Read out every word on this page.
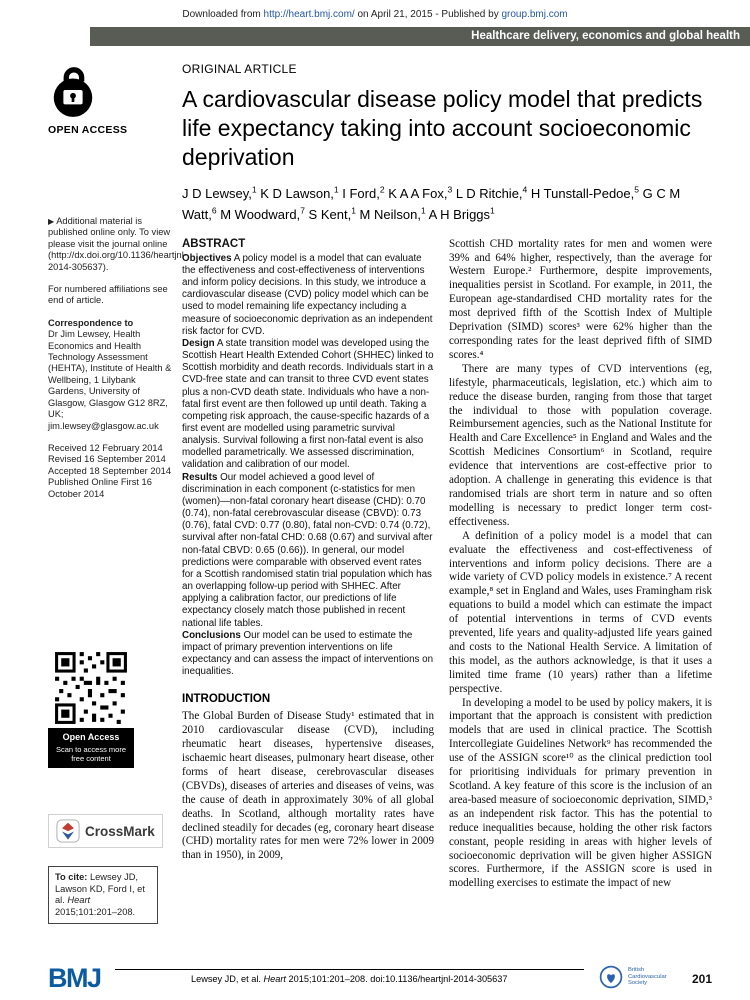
Downloaded from http://heart.bmj.com/ on April 21, 2015 - Published by group.bmj.com
Healthcare delivery, economics and global health
OPEN ACCESS
▶ Additional material is published online only. To view please visit the journal online (http://dx.doi.org/10.1136/heartjnl-2014-305637).
For numbered affiliations see end of article.
Correspondence to
Dr Jim Lewsey, Health Economics and Health Technology Assessment (HEHTA), Institute of Health & Wellbeing, 1 Lilybank Gardens, University of Glasgow, Glasgow G12 8RZ, UK; jim.lewsey@glasgow.ac.uk
Received 12 February 2014
Revised 16 September 2014
Accepted 18 September 2014
Published Online First 16 October 2014
Open Access
Scan to access more free content
CrossMark
To cite: Lewsey JD, Lawson KD, Ford I, et al. Heart 2015;101:201–208.
ORIGINAL ARTICLE
A cardiovascular disease policy model that predicts life expectancy taking into account socioeconomic deprivation
J D Lewsey,$^1$ K D Lawson,$^1$ I Ford,$^2$ K A A Fox,$^3$ L D Ritchie,$^4$ H Tunstall-Pedoe,$^5$ G C M Watt,$^6$ M Woodward,$^7$ S Kent,$^1$ M Neilson,$^1$ A H Briggs$^1$
ABSTRACT

Objectives A policy model is a model that can evaluate the effectiveness and cost-effectiveness of interventions and inform policy decisions. In this study, we introduce a cardiovascular disease (CVD) policy model which can be used to model remaining life expectancy including a measure of socioeconomic deprivation as an independent risk factor for CVD.

Design A state transition model was developed using the Scottish Heart Health Extended Cohort (SHHEC) linked to Scottish morbidity and death records. Individuals start in a CVD-free state and can transit to three CVD event states plus a non-CVD death state. Individuals who have a non-fatal first event are then followed up until death. Taking a competing risk approach, the cause-specific hazards of a first event are modelled using parametric survival analysis. Survival following a first non-fatal event is also modelled parametrically. We assessed discrimination, validation and calibration of our model.

Results Our model achieved a good level of discrimination in each component (c-statistics for men (women)—non-fatal coronary heart disease (CHD): 0.70 (0.74), non-fatal cerebrovascular disease (CBVD): 0.73 (0.76), fatal CVD: 0.77 (0.80), fatal non-CVD: 0.74 (0.72), survival after non-fatal CHD: 0.68 (0.67) and survival after non-fatal CBVD: 0.65 (0.66)). In general, our model predictions were comparable with observed event rates for a Scottish randomised statin trial population which has an overlapping follow-up period with SHHEC. After applying a calibration factor, our predictions of life expectancy closely match those published in recent national life tables.

Conclusions Our model can be used to estimate the impact of primary prevention interventions on life expectancy and can assess the impact of interventions on inequalities.

INTRODUCTION

The Global Burden of Disease Study¹ estimated that in 2010 cardiovascular disease (CVD), including rheumatic heart diseases, hypertensive diseases, ischaemic heart diseases, pulmonary heart disease, other forms of heart disease, cerebrovascular diseases (CBVDs), diseases of arteries and diseases of veins, was the cause of death in approximately 30% of all global deaths. In Scotland, although mortality rates have declined steadily for decades (eg, coronary heart disease (CHD) mortality rates for men were 72% lower in 2009 than in 1950), in 2009,

Scottish CHD mortality rates for men and women were 39% and 64% higher, respectively, than the average for Western Europe.² Furthermore, despite improvements, inequalities persist in Scotland. For example, in 2011, the European age-standardised CHD mortality rates for the most deprived fifth of the Scottish Index of Multiple Deprivation (SIMD) scores³ were 62% higher than the corresponding rates for the least deprived fifth of SIMD scores.⁴

There are many types of CVD interventions (eg, lifestyle, pharmaceuticals, legislation, etc.) which aim to reduce the disease burden, ranging from those that target the individual to those with population coverage. Reimbursement agencies, such as the National Institute for Health and Care Excellence⁵ in England and Wales and the Scottish Medicines Consortium⁶ in Scotland, require evidence that interventions are cost-effective prior to adoption. A challenge in generating this evidence is that randomised trials are short term in nature and so often modelling is necessary to predict longer term cost-effectiveness.

A definition of a policy model is a model that can evaluate the effectiveness and cost-effectiveness of interventions and inform policy decisions. There are a wide variety of CVD policy models in existence.⁷ A recent example,⁸ set in England and Wales, uses Framingham risk equations to build a model which can estimate the impact of potential interventions in terms of CVD events prevented, life years and quality-adjusted life years gained and costs to the National Health Service. A limitation of this model, as the authors acknowledge, is that it uses a limited time frame (10 years) rather than a lifetime perspective.

In developing a model to be used by policy makers, it is important that the approach is consistent with prediction models that are used in clinical practice. The Scottish Intercollegiate Guidelines Network⁹ has recommended the use of the ASSIGN score¹⁰ as the clinical prediction tool for prioritising individuals for primary prevention in Scotland. A key feature of this score is the inclusion of an area-based measure of socioeconomic deprivation, SIMD,³ as an independent risk factor. This has the potential to reduce inequalities because, holding the other risk factors constant, people residing in areas with higher levels of socioeconomic deprivation will be given higher ASSIGN scores. Furthermore, if the ASSIGN score is used in modelling exercises to estimate the impact of new

BMJ	Lewsey JD, et al. Heart 2015;101:201–208. doi:10.1136/heartjnl-2014-305637
British Cardiovascular Society	201
